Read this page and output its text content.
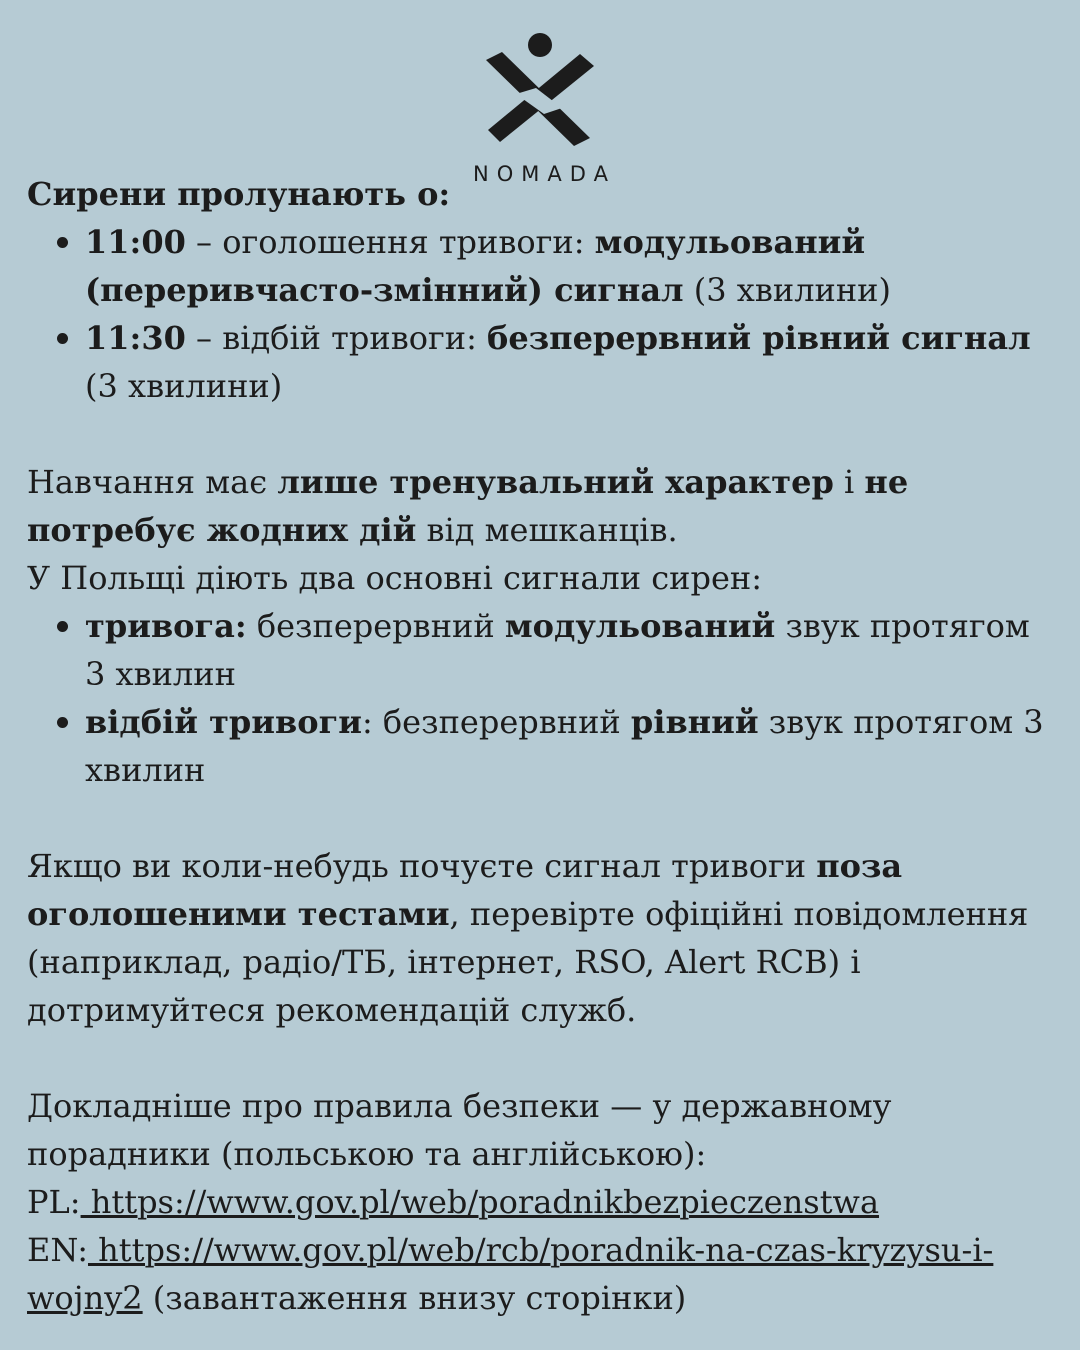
NOMADA

Сирени пролунають о:

11:00 – оголошення тривоги: модульований (переривчасто-змінний) сигнал (3 хвилини)
11:30 – відбій тривоги: безперервний рівний сигнал (3 хвилини)

Навчання має лише тренувальний характер і не потребує жодних дій від мешканців.

У Польщі діють два основні сигнали сирен:

тривога: безперервний модульований звук протягом 3 хвилин
відбій тривоги: безперервний рівний звук протягом 3 хвилин

Якщо ви коли-небудь почуєте сигнал тривоги поза оголошеними тестами, перевірте офіційні повідомлення (наприклад, радіо/ТБ, інтернет, RSO, Alert RCB) і дотримуйтеся рекомендацій служб.

Докладніше про правила безпеки — у державному порадники (польською та англійською):

PL: https://www.gov.pl/web/poradnikbezpieczenstwa

EN: https://www.gov.pl/web/rcb/poradnik-na-czas-kryzysu-i-wojny2 (завантаження внизу сторінки)
